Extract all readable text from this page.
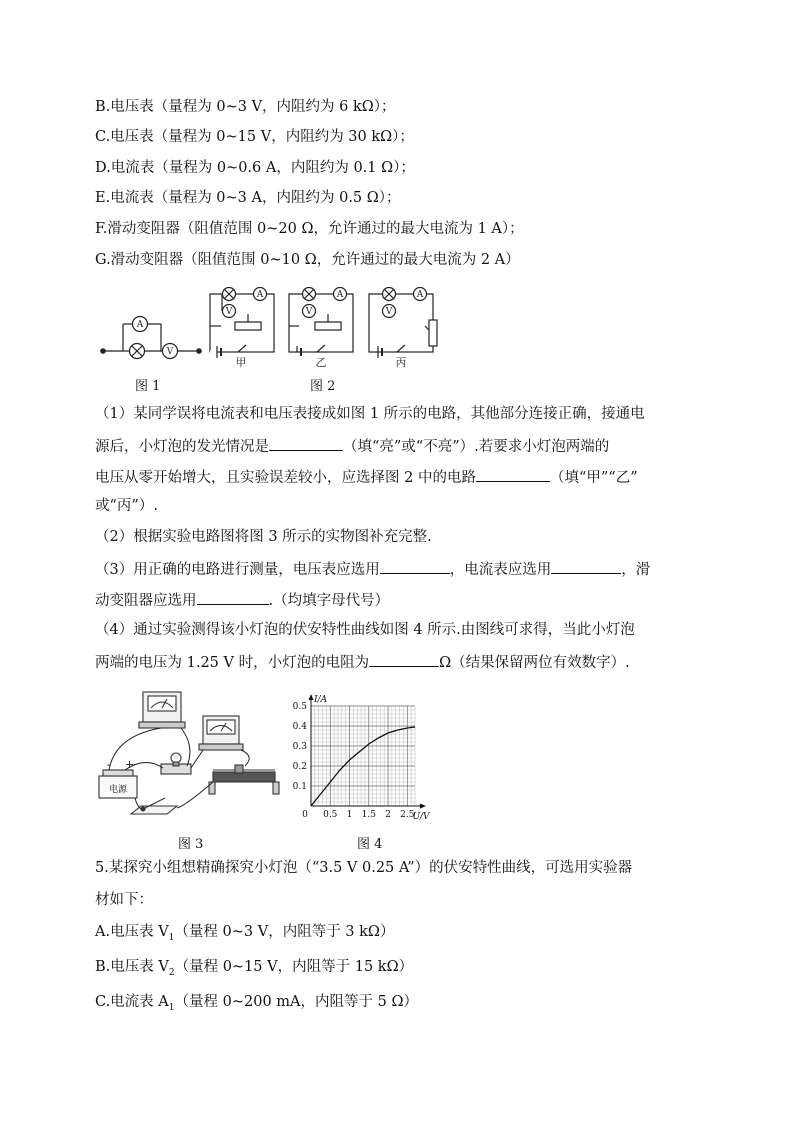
B.电压表（量程为 0~3 V，内阻约为 6 kΩ）；
C.电压表（量程为 0~15 V，内阻约为 30 kΩ）；
D.电流表（量程为 0~0.6 A，内阻约为 0.1 Ω）；
E.电流表（量程为 0~3 A，内阻约为 0.5 Ω）；
F.滑动变阻器（阻值范围 0~20 Ω，允许通过的最大电流为 1 A）；
G.滑动变阻器（阻值范围 0~10 Ω，允许通过的最大电流为 2 A）
A
V
A
V
A
V
A
V
甲	乙	丙
图 1	图 2
（1）某同学误将电流表和电压表接成如图 1 所示的电路，其他部分连接正确，接通电
源后，小灯泡的发光情况是	（填“亮”或“不亮”）.若要求小灯泡两端的
电压从零开始增大，且实验误差较小，应选择图 2 中的电路	（填“甲”“乙”
或“丙”）.
（2）根据实验电路图将图 3 所示的实物图补充完整.
（3）用正确的电路进行测量，电压表应选用	，电流表应选用	，滑
动变阻器应选用	.（均填字母代号）
（4）通过实验测得该小灯泡的伏安特性曲线如图 4 所示.由图线可求得，当此小灯泡
两端的电压为 1.25 V 时，小灯泡的电阻为	Ω（结果保留两位有效数字）.
电源
- +
图 3
0.5 1 1.5 2 2.5
0.1
0.2
0.3
0.4
0.5
0	U/V
I/A
图 4
5.某探究小组想精确探究小灯泡（“3.5 V 0.25 A”）的伏安特性曲线，可选用实验器
材如下：
A.电压表 $V_1$（量程 0~3 V，内阻等于 3 kΩ）
B.电压表 $V_2$（量程 0~15 V，内阻等于 15 kΩ）
C.电流表 $A_1$（量程 0~200 mA，内阻等于 5 Ω）
